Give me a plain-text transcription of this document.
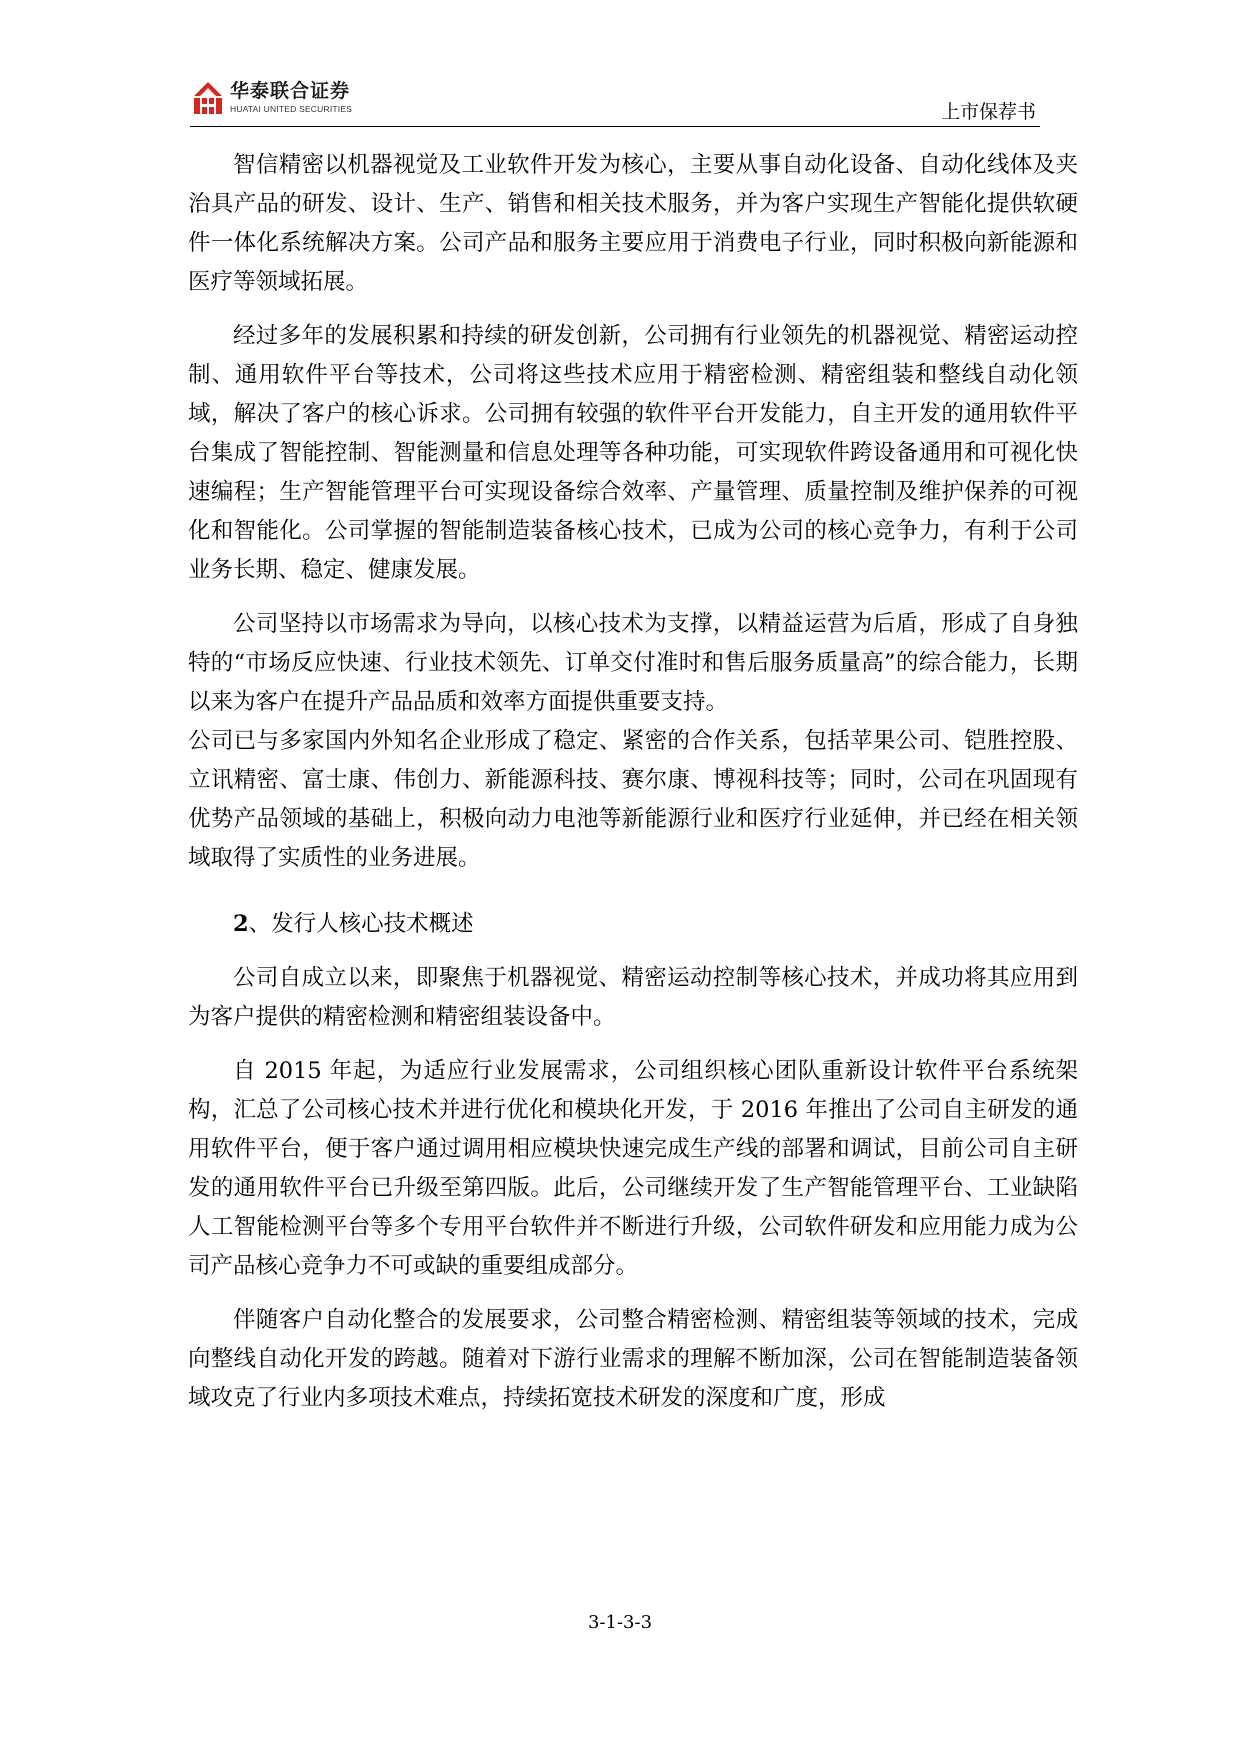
华泰联合证券
HUATAI UNITED SECURITIES	上市保荐书

智信精密以机器视觉及工业软件开发为核心，主要从事自动化设备、自动化线体及夹治具产品的研发、设计、生产、销售和相关技术服务，并为客户实现生产智能化提供软硬件一体化系统解决方案。公司产品和服务主要应用于消费电子行业，同时积极向新能源和医疗等领域拓展。

经过多年的发展积累和持续的研发创新，公司拥有行业领先的机器视觉、精密运动控制、通用软件平台等技术，公司将这些技术应用于精密检测、精密组装和整线自动化领域，解决了客户的核心诉求。公司拥有较强的软件平台开发能力，自主开发的通用软件平台集成了智能控制、智能测量和信息处理等各种功能，可实现软件跨设备通用和可视化快速编程；生产智能管理平台可实现设备综合效率、产量管理、质量控制及维护保养的可视化和智能化。公司掌握的智能制造装备核心技术，已成为公司的核心竞争力，有利于公司业务长期、稳定、健康发展。

公司坚持以市场需求为导向，以核心技术为支撑，以精益运营为后盾，形成了自身独特的“市场反应快速、行业技术领先、订单交付准时和售后服务质量高”的综合能力，长期以来为客户在提升产品品质和效率方面提供重要支持。

公司已与多家国内外知名企业形成了稳定、紧密的合作关系，包括苹果公司、铠胜控股、立讯精密、富士康、伟创力、新能源科技、赛尔康、博视科技等；同时，公司在巩固现有优势产品领域的基础上，积极向动力电池等新能源行业和医疗行业延伸，并已经在相关领域取得了实质性的业务进展。

2、发行人核心技术概述

公司自成立以来，即聚焦于机器视觉、精密运动控制等核心技术，并成功将其应用到为客户提供的精密检测和精密组装设备中。

自 2015 年起，为适应行业发展需求，公司组织核心团队重新设计软件平台系统架构，汇总了公司核心技术并进行优化和模块化开发，于 2016 年推出了公司自主研发的通用软件平台，便于客户通过调用相应模块快速完成生产线的部署和调试，目前公司自主研发的通用软件平台已升级至第四版。此后，公司继续开发了生产智能管理平台、工业缺陷人工智能检测平台等多个专用平台软件并不断进行升级，公司软件研发和应用能力成为公司产品核心竞争力不可或缺的重要组成部分。

伴随客户自动化整合的发展要求，公司整合精密检测、精密组装等领域的技术，完成向整线自动化开发的跨越。随着对下游行业需求的理解不断加深，公司在智能制造装备领域攻克了行业内多项技术难点，持续拓宽技术研发的深度和广度，形成

3-1-3-3
